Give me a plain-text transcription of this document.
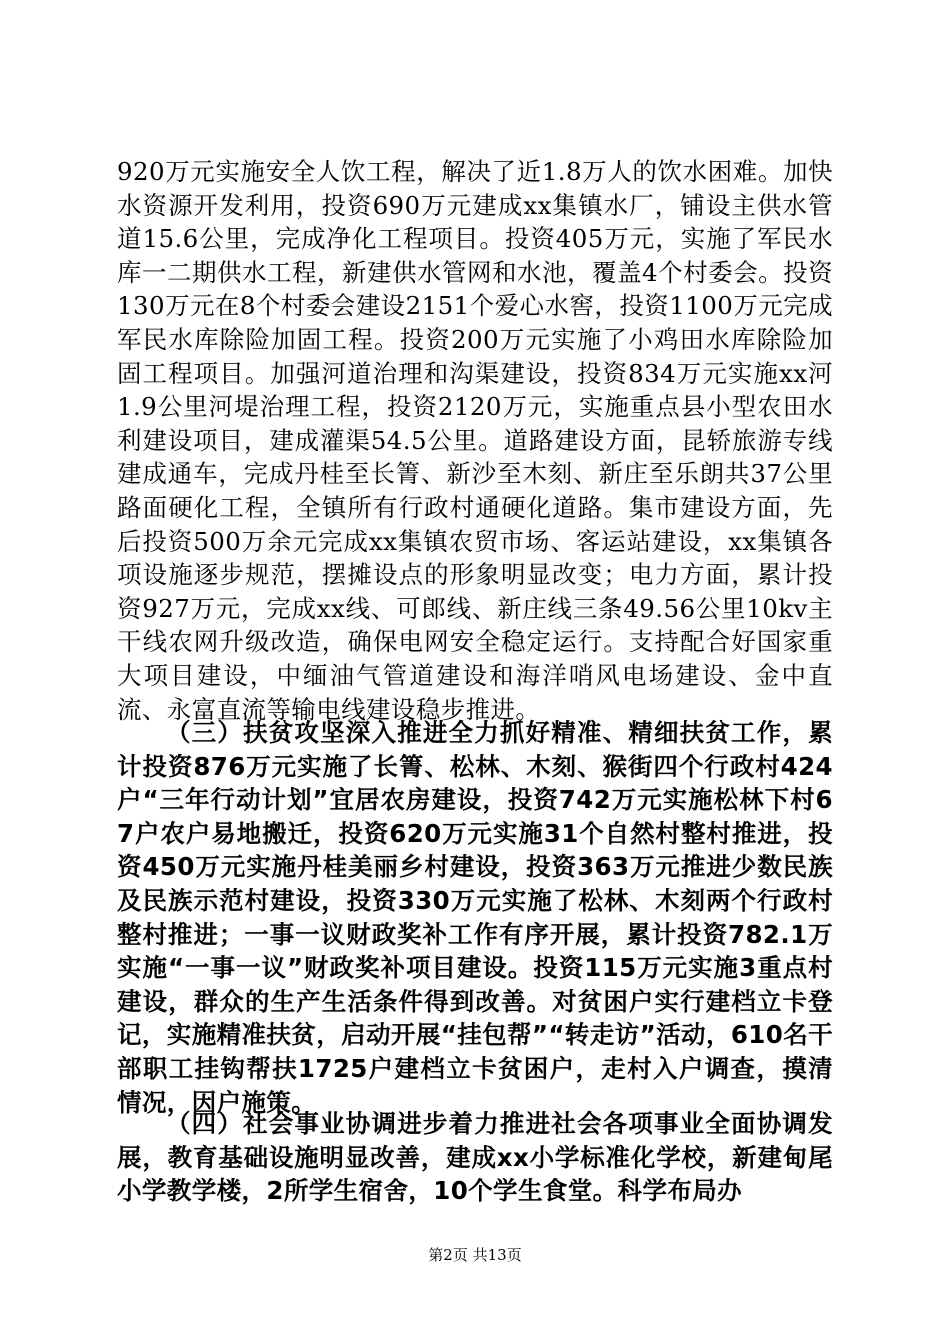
920万元实施安全人饮工程，解决了近1.8万人的饮水困难。加快水资源开发利用，投资690万元建成xx集镇水厂，铺设主供水管道15.6公里，完成净化工程项目。投资405万元，实施了军民水库一二期供水工程，新建供水管网和水池，覆盖4个村委会。投资130万元在8个村委会建设2151个爱心水窖，投资1100万元完成军民水库除险加固工程。投资200万元实施了小鸡田水库除险加固工程项目。加强河道治理和沟渠建设，投资834万元实施xx河1.9公里河堤治理工程，投资2120万元，实施重点县小型农田水利建设项目，建成灌渠54.5公里。道路建设方面，昆轿旅游专线建成通车，完成丹桂至长箐、新沙至木刻、新庄至乐朗共37公里路面硬化工程，全镇所有行政村通硬化道路。集市建设方面，先后投资500万余元完成xx集镇农贸市场、客运站建设，xx集镇各项设施逐步规范，摆摊设点的形象明显改变；电力方面，累计投资927万元，完成xx线、可郎线、新庄线三条49.56公里10kv主干线农网升级改造，确保电网安全稳定运行。支持配合好国家重大项目建设，中缅油气管道建设和海洋哨风电场建设、金中直流、永富直流等输电线建设稳步推进。

（三）扶贫攻坚深入推进全力抓好精准、精细扶贫工作，累计投资876万元实施了长箐、松林、木刻、猴街四个行政村424户“三年行动计划”宜居农房建设，投资742万元实施松林下村67户农户易地搬迁，投资620万元实施31个自然村整村推进，投资450万元实施丹桂美丽乡村建设，投资363万元推进少数民族及民族示范村建设，投资330万元实施了松林、木刻两个行政村整村推进；一事一议财政奖补工作有序开展，累计投资782.1万实施“一事一议”财政奖补项目建设。投资115万元实施3重点村建设，群众的生产生活条件得到改善。对贫困户实行建档立卡登记，实施精准扶贫，启动开展“挂包帮”“转走访”活动，610名干部职工挂钩帮扶1725户建档立卡贫困户，走村入户调查，摸清情况，因户施策。

（四）社会事业协调进步着力推进社会各项事业全面协调发展，教育基础设施明显改善，建成xx小学标准化学校，新建甸尾小学教学楼，2所学生宿舍，10个学生食堂。科学布局办

第2页 共13页
